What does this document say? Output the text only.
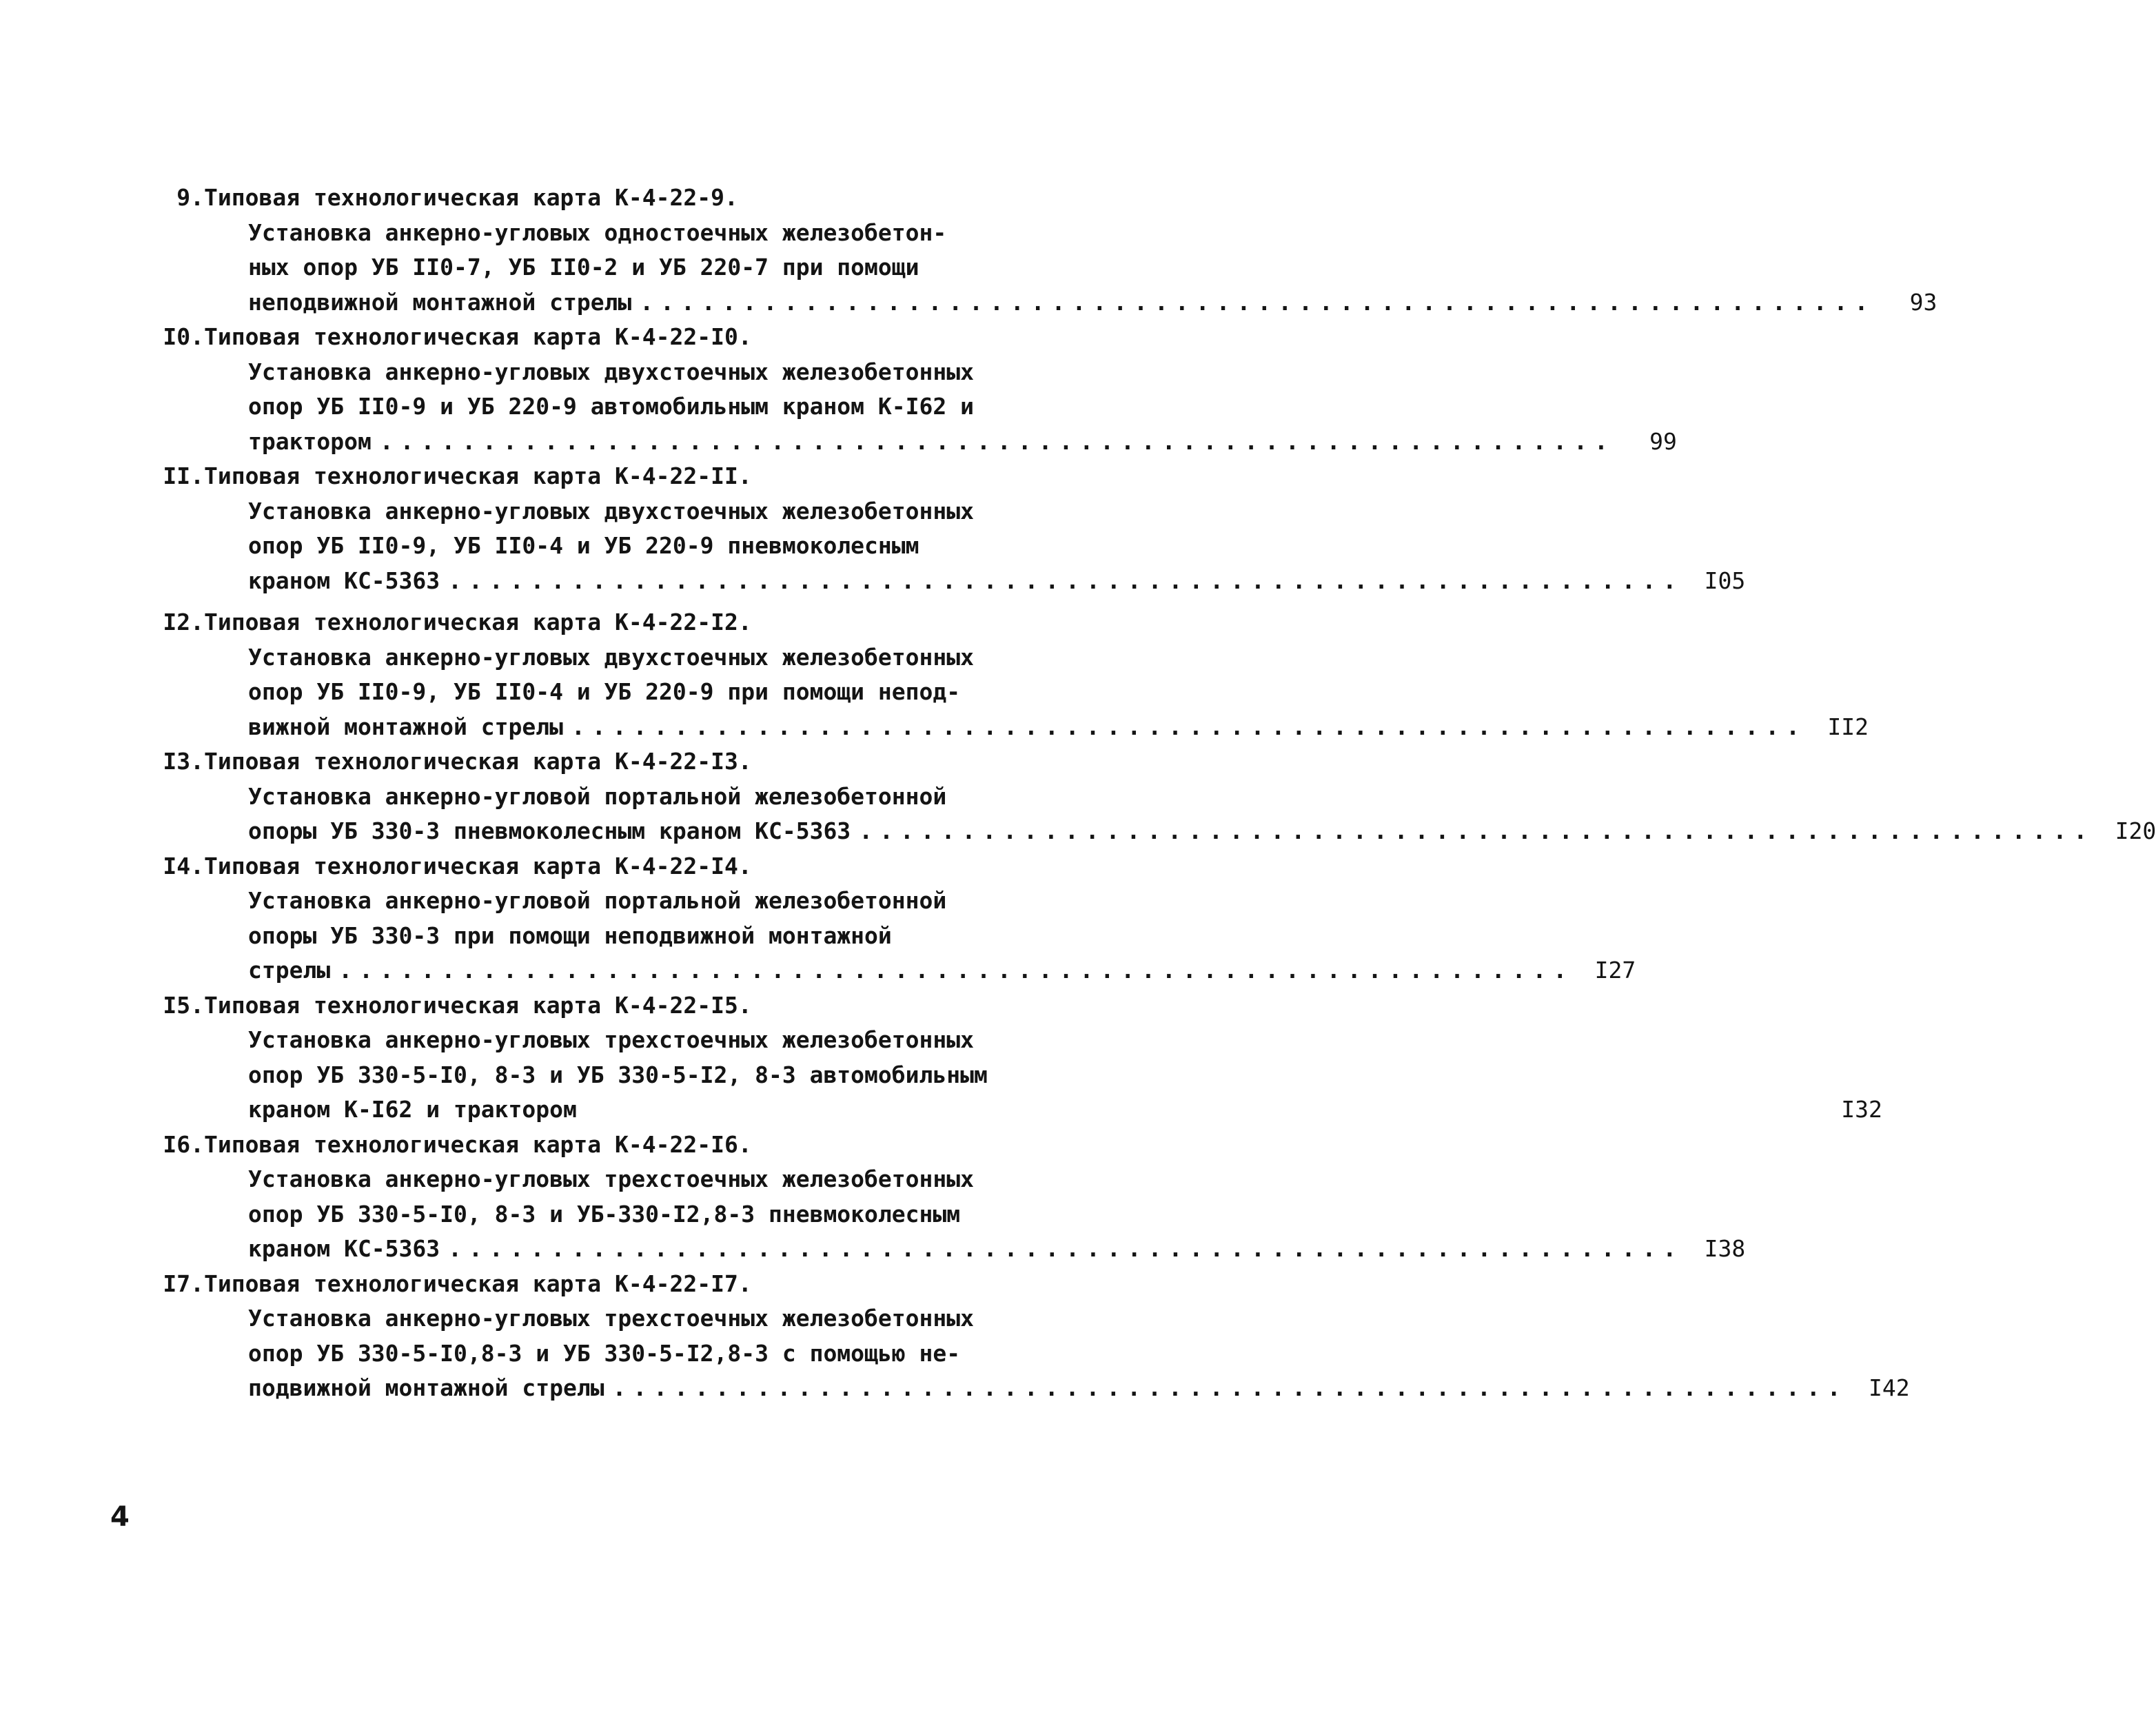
9. Типовая технологическая карта К-4-22-9.
Установка анкерно-угловых одностоечных железобетон-
ных опор УБ II0-7, УБ II0-2 и УБ 220-7 при помощи
неподвижной монтажной стрелы ............................................................	93
I0. Типовая технологическая карта К-4-22-I0.
Установка анкерно-угловых двухстоечных железобетонных
опор УБ II0-9 и УБ 220-9 автомобильным краном К-I62 и
трактором ............................................................	99
II. Типовая технологическая карта К-4-22-II.
Установка анкерно-угловых двухстоечных железобетонных
опор УБ II0-9, УБ II0-4 и УБ 220-9 пневмоколесным
краном КС-5363 ............................................................ I05
I2. Типовая технологическая карта К-4-22-I2.
Установка анкерно-угловых двухстоечных железобетонных
опор УБ II0-9, УБ II0-4 и УБ 220-9 при помощи непод-
вижной монтажной стрелы ............................................................ II2
I3. Типовая технологическая карта К-4-22-I3.
Установка анкерно-угловой портальной железобетонной
опоры УБ 330-3 пневмоколесным краном КС-5363 ............................................................ I20
I4. Типовая технологическая карта К-4-22-I4.
Установка анкерно-угловой портальной железобетонной
опоры УБ 330-3 при помощи неподвижной монтажной
стрелы ............................................................ I27
I5. Типовая технологическая карта К-4-22-I5.
Установка анкерно-угловых трехстоечных железобетонных
опор УБ 330-5-I0, 8-3 и УБ 330-5-I2, 8-3 автомобильным
краном К-I62 и трактором	I32
I6. Типовая технологическая карта К-4-22-I6.
Установка анкерно-угловых трехстоечных железобетонных
опор УБ 330-5-I0, 8-3 и УБ-330-I2,8-3 пневмоколесным
краном КС-5363 ............................................................ I38
I7. Типовая технологическая карта К-4-22-I7.
Установка анкерно-угловых трехстоечных железобетонных
опор УБ 330-5-I0,8-3 и УБ 330-5-I2,8-3 с помощью не-
подвижной монтажной стрелы ............................................................ I42
4
